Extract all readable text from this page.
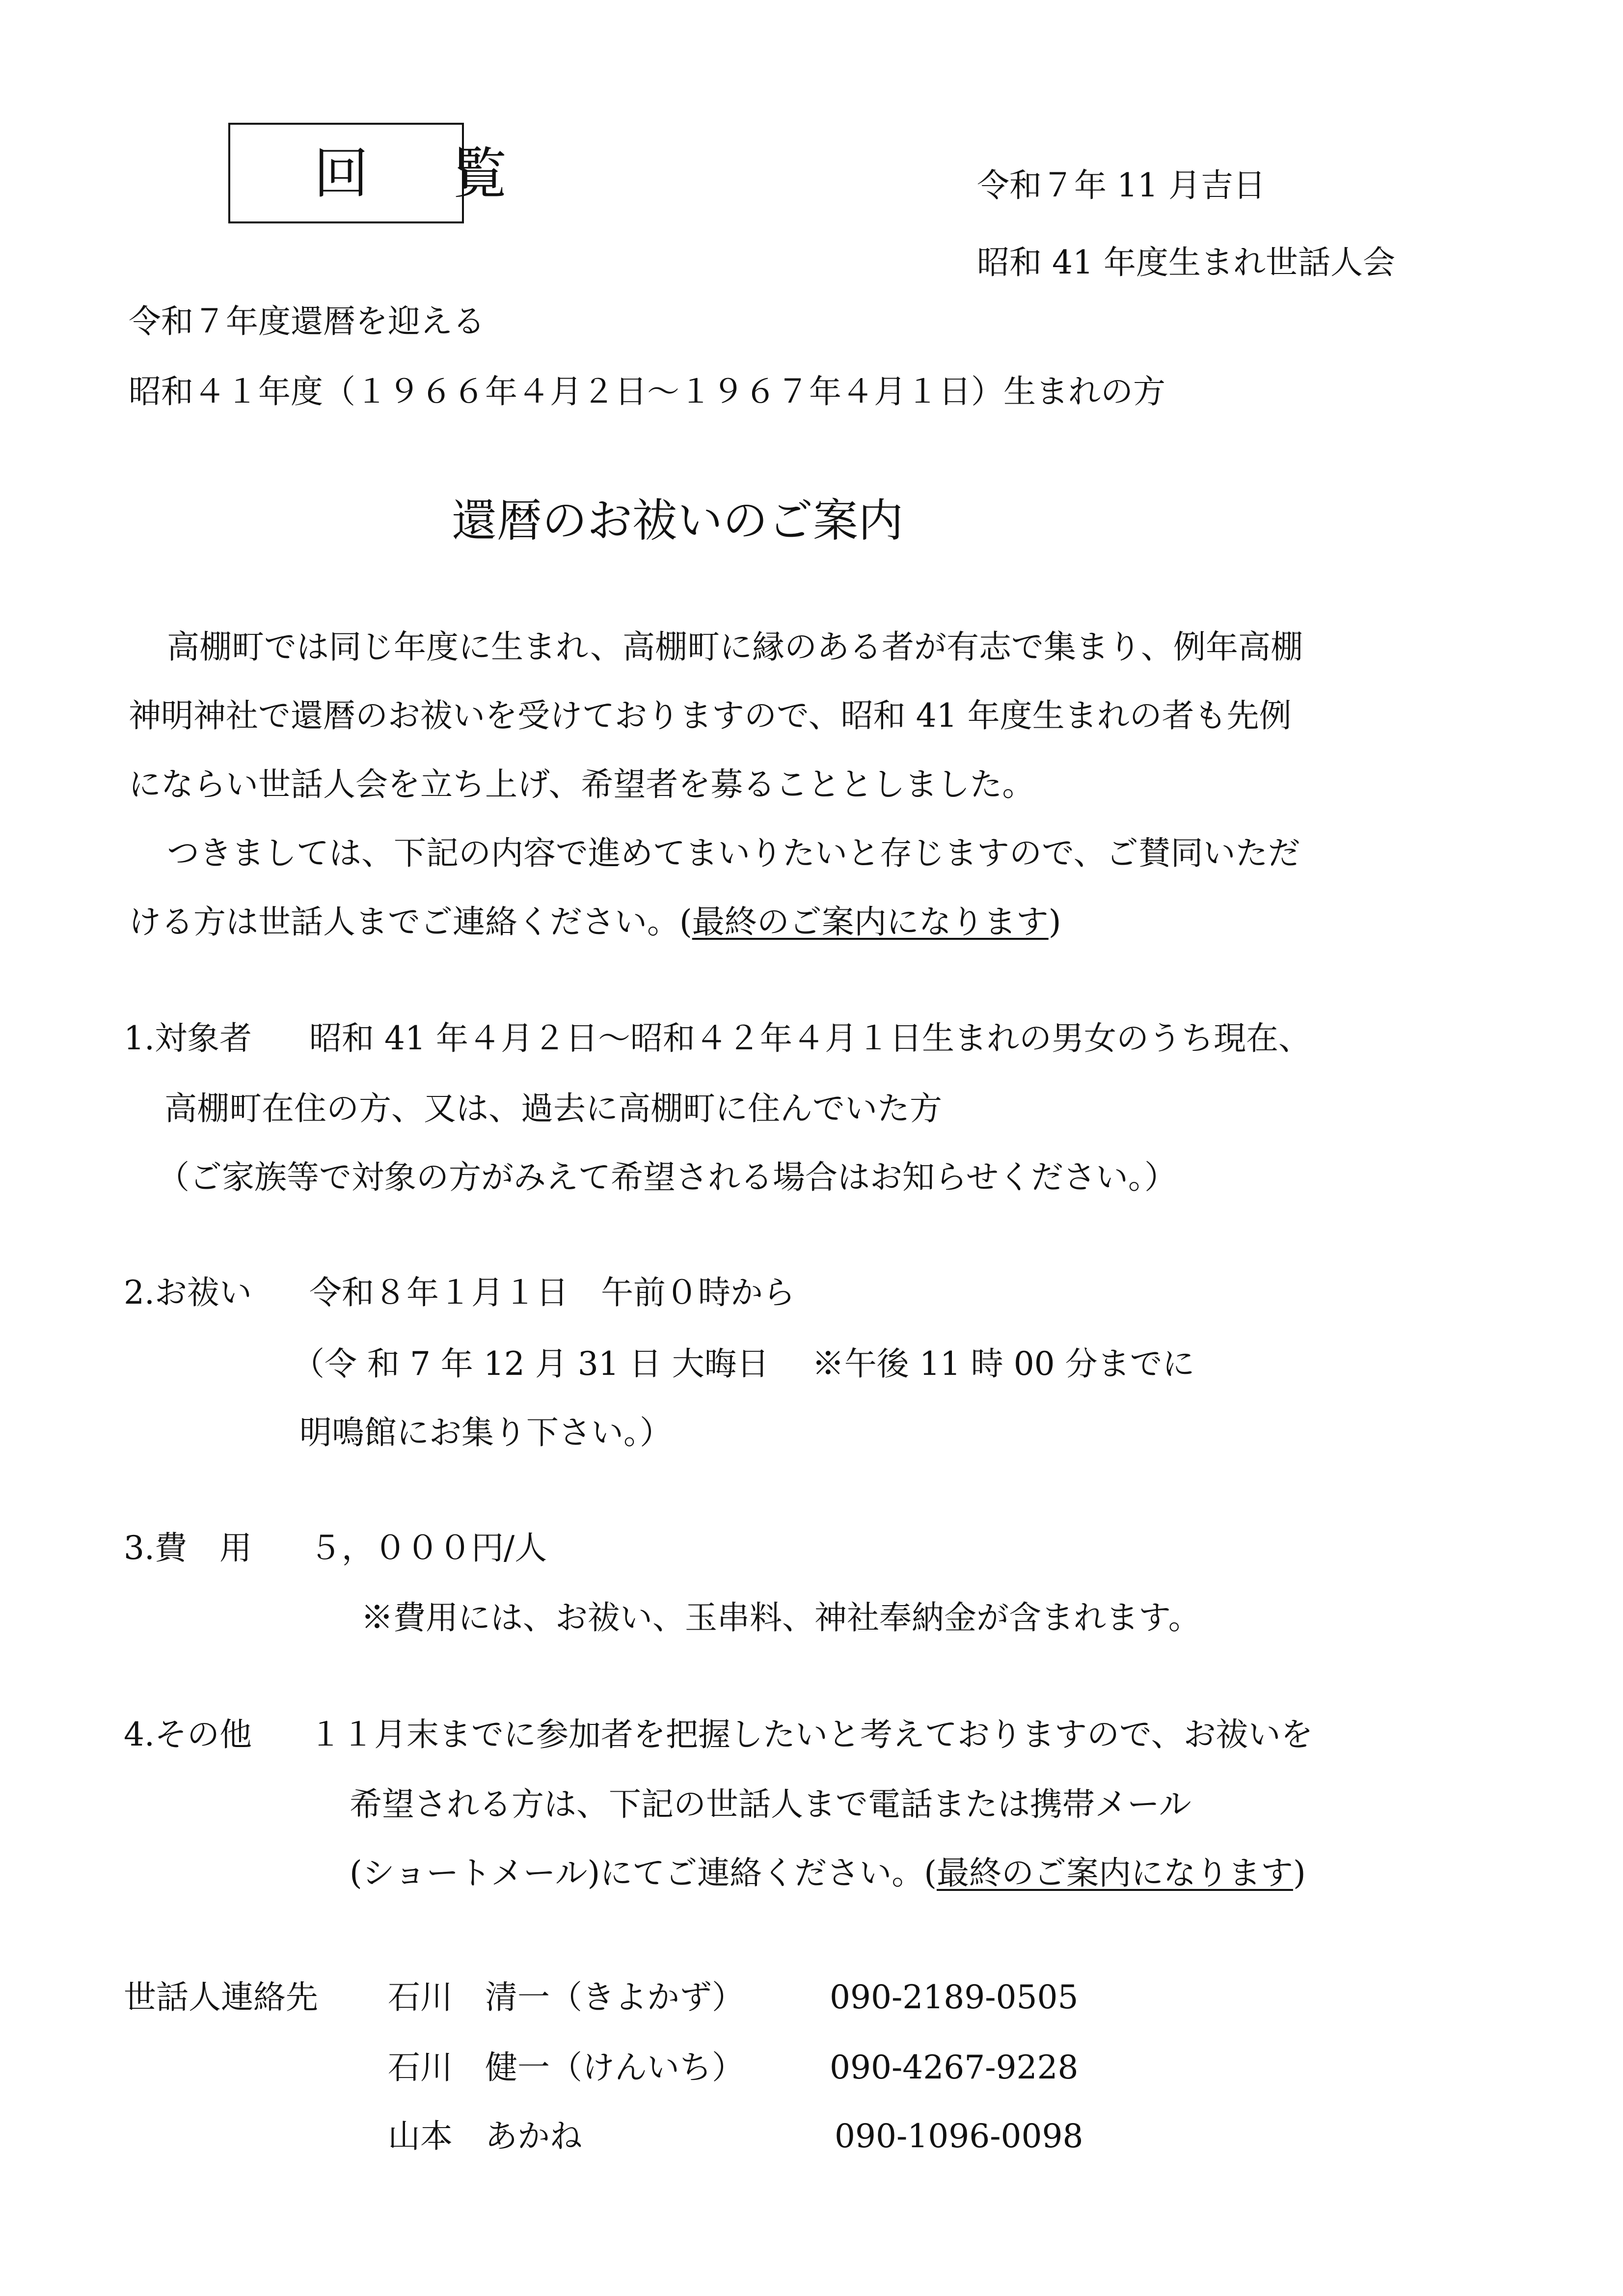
回覧	令和７年 11 月吉日

昭和 41 年度生まれ世話人会

令和７年度還暦を迎える

昭和４１年度（１９６６年４月２日～１９６７年４月１日）生まれの方

還暦のお祓いのご案内

高棚町では同じ年度に生まれ、高棚町に縁のある者が有志で集まり、例年高棚

神明神社で還暦のお祓いを受けておりますので、昭和 41 年度生まれの者も先例

にならい世話人会を立ち上げ、希望者を募ることとしました。

つきましては、下記の内容で進めてまいりたいと存じますので、ご賛同いただ

ける方は世話人までご連絡ください。(最終のご案内になります)

1.対象者 昭和 41 年４月２日～昭和４２年４月１日生まれの男女のうち現在、

高棚町在住の方、又は、過去に高棚町に住んでいた方

（ご家族等で対象の方がみえて希望される場合はお知らせください。）

2.お祓い 令和８年１月１日　午前０時から

（令 和 7 年 12 月 31 日 大晦日　 ※午後 11 時 00 分までに

明鳴館にお集り下さい。）

3.費　用 ５，０００円/人

※費用には、お祓い、玉串料、神社奉納金が含まれます。

4.その他 １１月末までに参加者を把握したいと考えておりますので、お祓いを

希望される方は、下記の世話人まで電話または携帯メール

(ショートメール)にてご連絡ください。(最終のご案内になります)

世話人連絡先 石川　清一（きよかず）	090-2189-0505

石川　健一（けんいち）	090-4267-9228

山本　あかね	090-1096-0098
